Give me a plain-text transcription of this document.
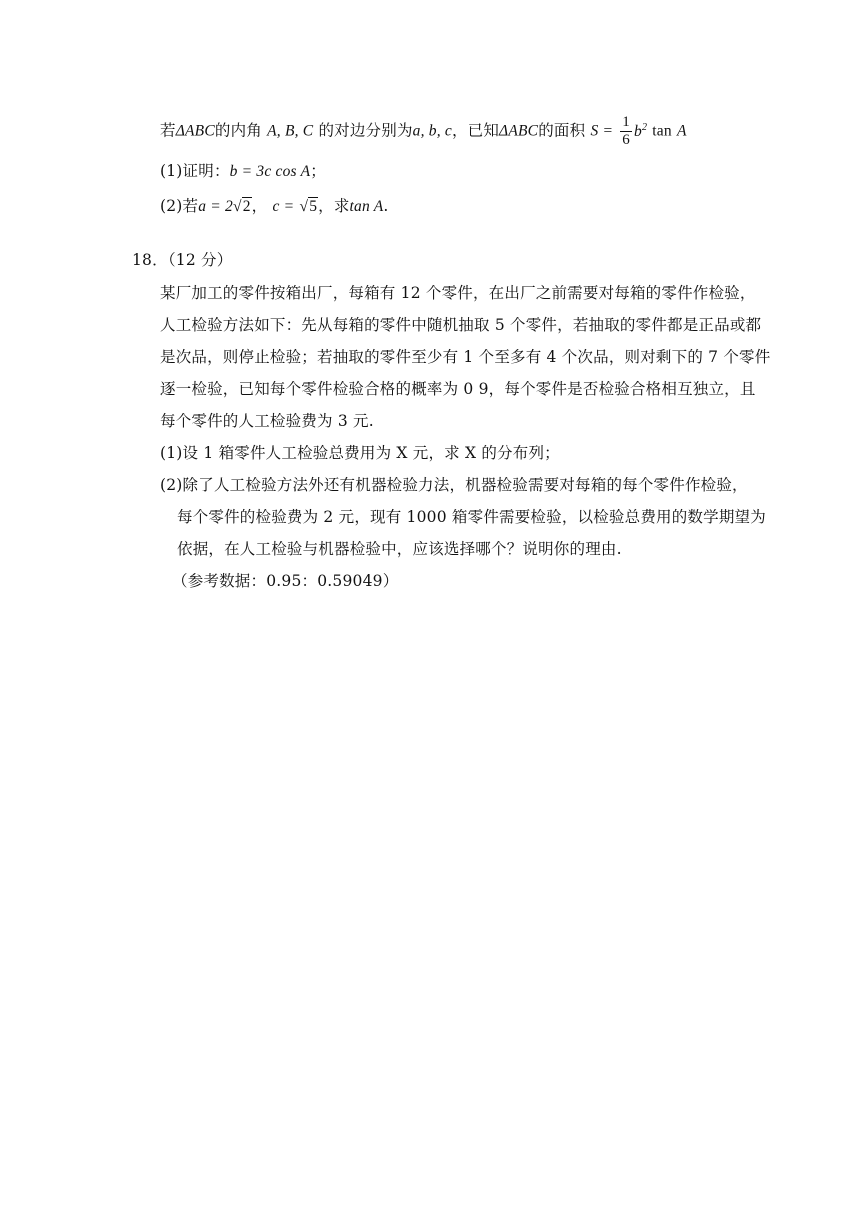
若ΔABC的内角 A, B, C 的对边分别为a, b, c，已知ΔABC的面积 $S = \frac{1}{6} b^2$ tan A
(1)证明：b = 3c cos A；
(2)若a = 2√2， c = √5，求tan A.
18．（12 分）
某厂加工的零件按箱出厂，每箱有 12 个零件，在出厂之前需要对每箱的零件作检验，
人工检验方法如下：先从每箱的零件中随机抽取 5 个零件，若抽取的零件都是正品或都
是次品，则停止检验；若抽取的零件至少有 1 个至多有 4 个次品，则对剩下的 7 个零件
逐一检验，已知每个零件检验合格的概率为 0 9，每个零件是否检验合格相互独立，且
每个零件的人工检验费为 3 元.
(1)设 1 箱零件人工检验总费用为 X 元，求 X 的分布列；
(2)除了人工检验方法外还有机器检验力法，机器检验需要对每箱的每个零件作检验，
每个零件的检验费为 2 元，现有 1000 箱零件需要检验，以检验总费用的数学期望为
依据，在人工检验与机器检验中，应该选择哪个？说明你的理由.
（参考数据：0.95：0.59049）
